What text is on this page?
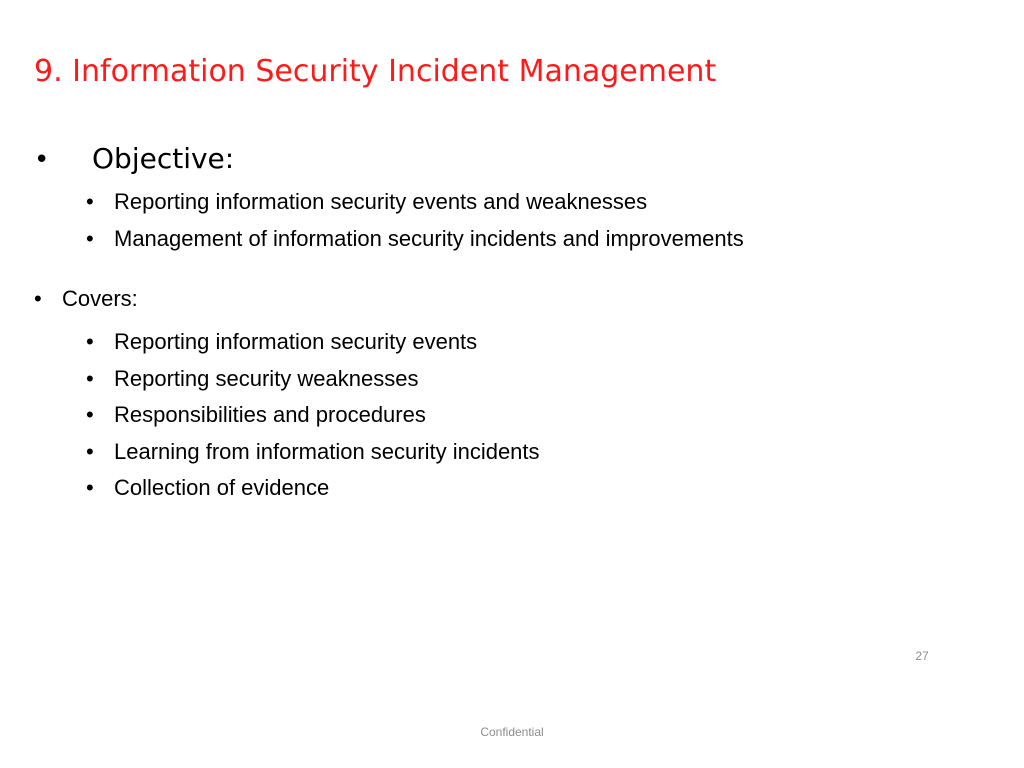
9. Information Security Incident Management
• Objective:
• Reporting information security events and weaknesses
• Management of information security incidents and improvements
• Covers:
• Reporting information security events
• Reporting security weaknesses
• Responsibilities and procedures
• Learning from information security incidents
• Collection of evidence
27
Confidential
